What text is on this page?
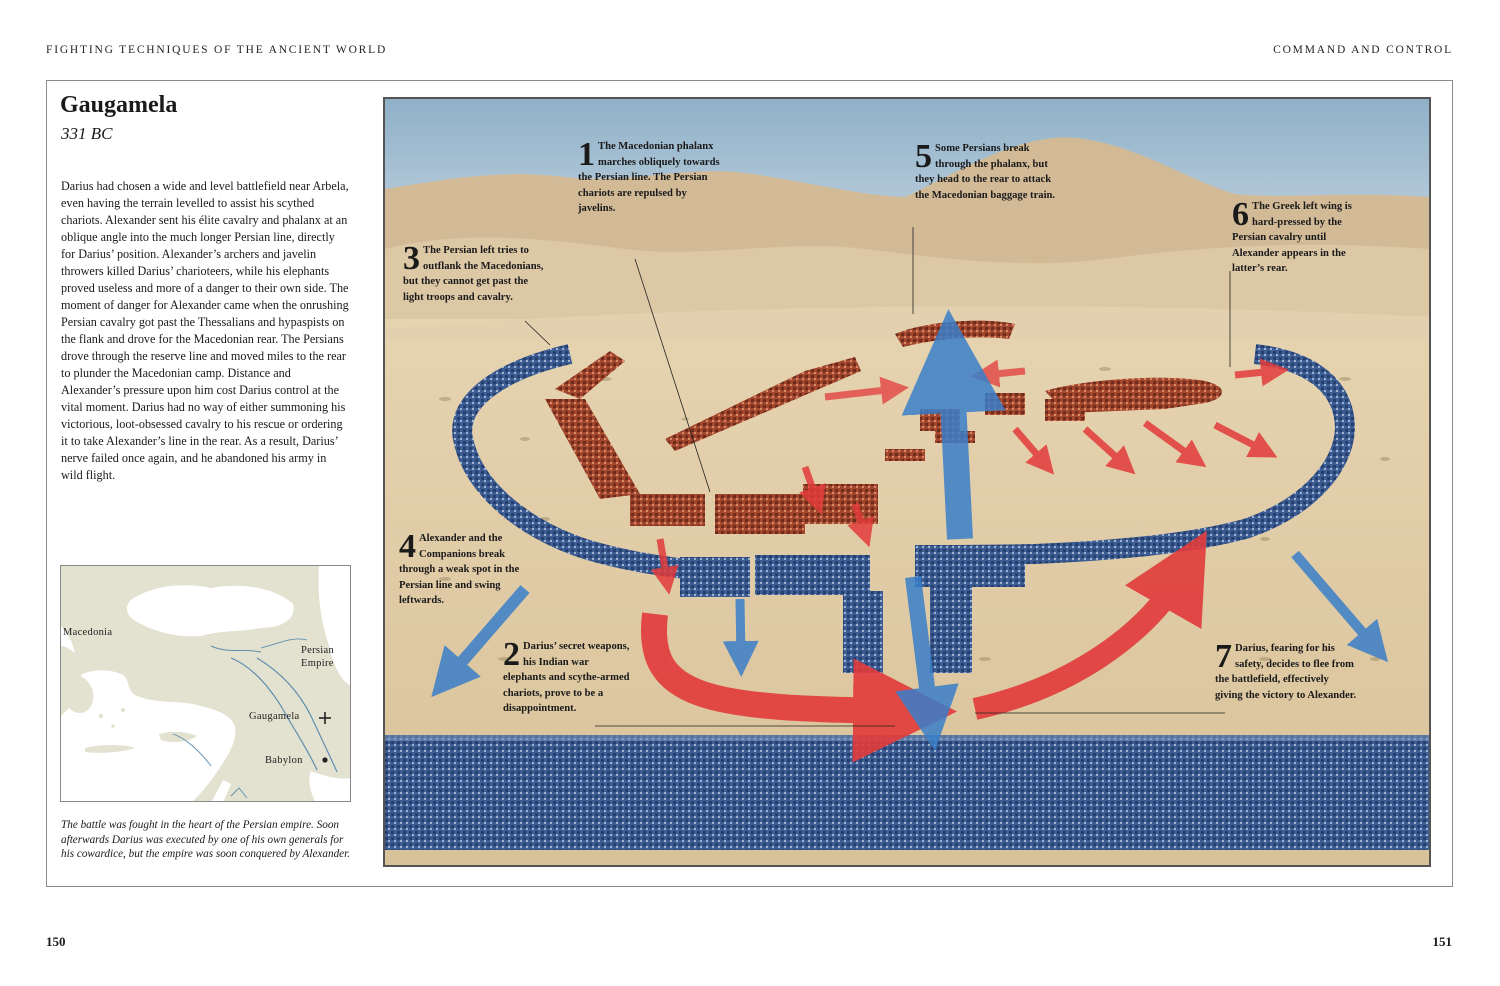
FIGHTING TECHNIQUES OF THE ANCIENT WORLD	COMMAND AND CONTROL
Gaugamela
331 BC

Darius had chosen a wide and level battlefield near Arbela, even having the terrain levelled to assist his scythed chariots. Alexander sent his élite cavalry and phalanx at an oblique angle into the much longer Persian line, directly for Darius’ position. Alexander’s archers and javelin throwers killed Darius’ charioteers, while his elephants proved useless and more of a danger to their own side. The moment of danger for Alexander came when the onrushing Persian cavalry got past the Thessalians and hypaspists on the flank and drove for the Macedonian rear. The Persians drove through the reserve line and moved miles to the rear to plunder the Macedonian camp. Distance and Alexander’s pressure upon him cost Darius control at the vital moment. Darius had no way of either summoning his victorious, loot-obsessed cavalry to his rescue or ordering it to take Alexander’s line in the rear. As a result, Darius’ nerve failed once again, and he abandoned his army in wild flight.

Macedonia
Persian Empire
Gaugamela
Babylon

The battle was fought in the heart of the Persian empire. Soon afterwards Darius was executed by one of his own generals for his cowardice, but the empire was soon conquered by Alexander.

1 The Macedonian phalanx marches obliquely towards the Persian line. The Persian chariots are repulsed by javelins.
2 Darius’ secret weapons, his Indian war elephants and scythe-armed chariots, prove to be a disappointment.
3 The Persian left tries to outflank the Macedonians, but they cannot get past the light troops and cavalry.
4 Alexander and the Companions break through a weak spot in the Persian line and swing leftwards.
5 Some Persians break through the phalanx, but they head to the rear to attack the Macedonian baggage train.
6 The Greek left wing is hard-pressed by the Persian cavalry until Alexander appears in the latter’s rear.
7 Darius, fearing for his safety, decides to flee from the battlefield, effectively giving the victory to Alexander.
150	151
